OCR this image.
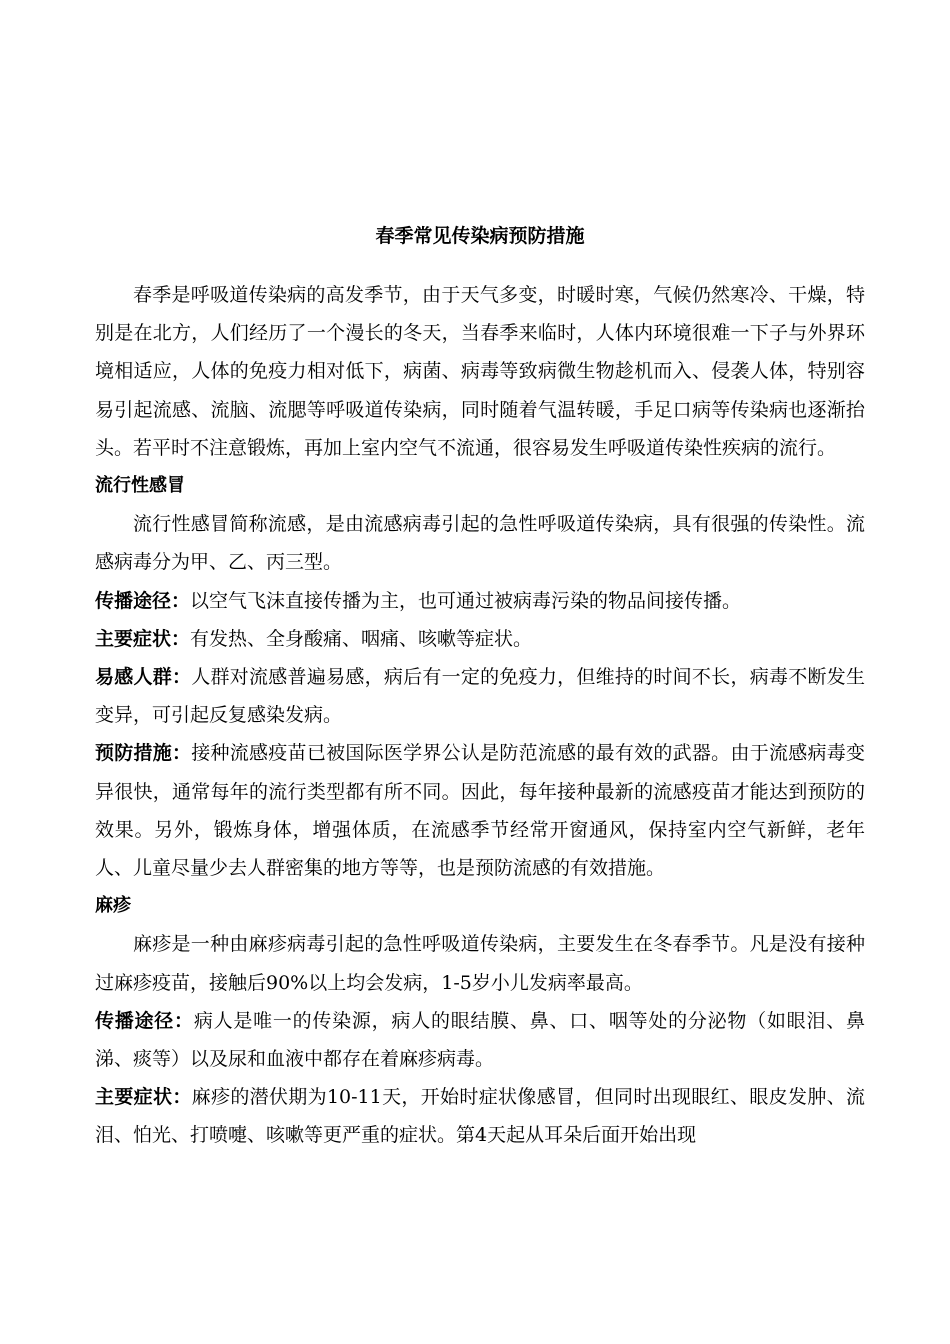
春季常见传染病预防措施

春季是呼吸道传染病的高发季节，由于天气多变，时暖时寒，气候仍然寒冷、干燥，特别是在北方，人们经历了一个漫长的冬天，当春季来临时，人体内环境很难一下子与外界环境相适应，人体的免疫力相对低下，病菌、病毒等致病微生物趁机而入、侵袭人体，特别容易引起流感、流脑、流腮等呼吸道传染病，同时随着气温转暖，手足口病等传染病也逐渐抬头。若平时不注意锻炼，再加上室内空气不流通，很容易发生呼吸道传染性疾病的流行。

流行性感冒

流行性感冒简称流感，是由流感病毒引起的急性呼吸道传染病，具有很强的传染性。流感病毒分为甲、乙、丙三型。

传播途径：以空气飞沫直接传播为主，也可通过被病毒污染的物品间接传播。

主要症状：有发热、全身酸痛、咽痛、咳嗽等症状。

易感人群：人群对流感普遍易感，病后有一定的免疫力，但维持的时间不长，病毒不断发生变异，可引起反复感染发病。

预防措施：接种流感疫苗已被国际医学界公认是防范流感的最有效的武器。由于流感病毒变异很快，通常每年的流行类型都有所不同。因此，每年接种最新的流感疫苗才能达到预防的效果。另外，锻炼身体，增强体质，在流感季节经常开窗通风，保持室内空气新鲜，老年人、儿童尽量少去人群密集的地方等等，也是预防流感的有效措施。

麻疹

麻疹是一种由麻疹病毒引起的急性呼吸道传染病，主要发生在冬春季节。凡是没有接种过麻疹疫苗，接触后90%以上均会发病，1-5岁小儿发病率最高。

传播途径：病人是唯一的传染源，病人的眼结膜、鼻、口、咽等处的分泌物（如眼泪、鼻涕、痰等）以及尿和血液中都存在着麻疹病毒。

主要症状：麻疹的潜伏期为10-11天，开始时症状像感冒，但同时出现眼红、眼皮发肿、流泪、怕光、打喷嚏、咳嗽等更严重的症状。第4天起从耳朵后面开始出现
